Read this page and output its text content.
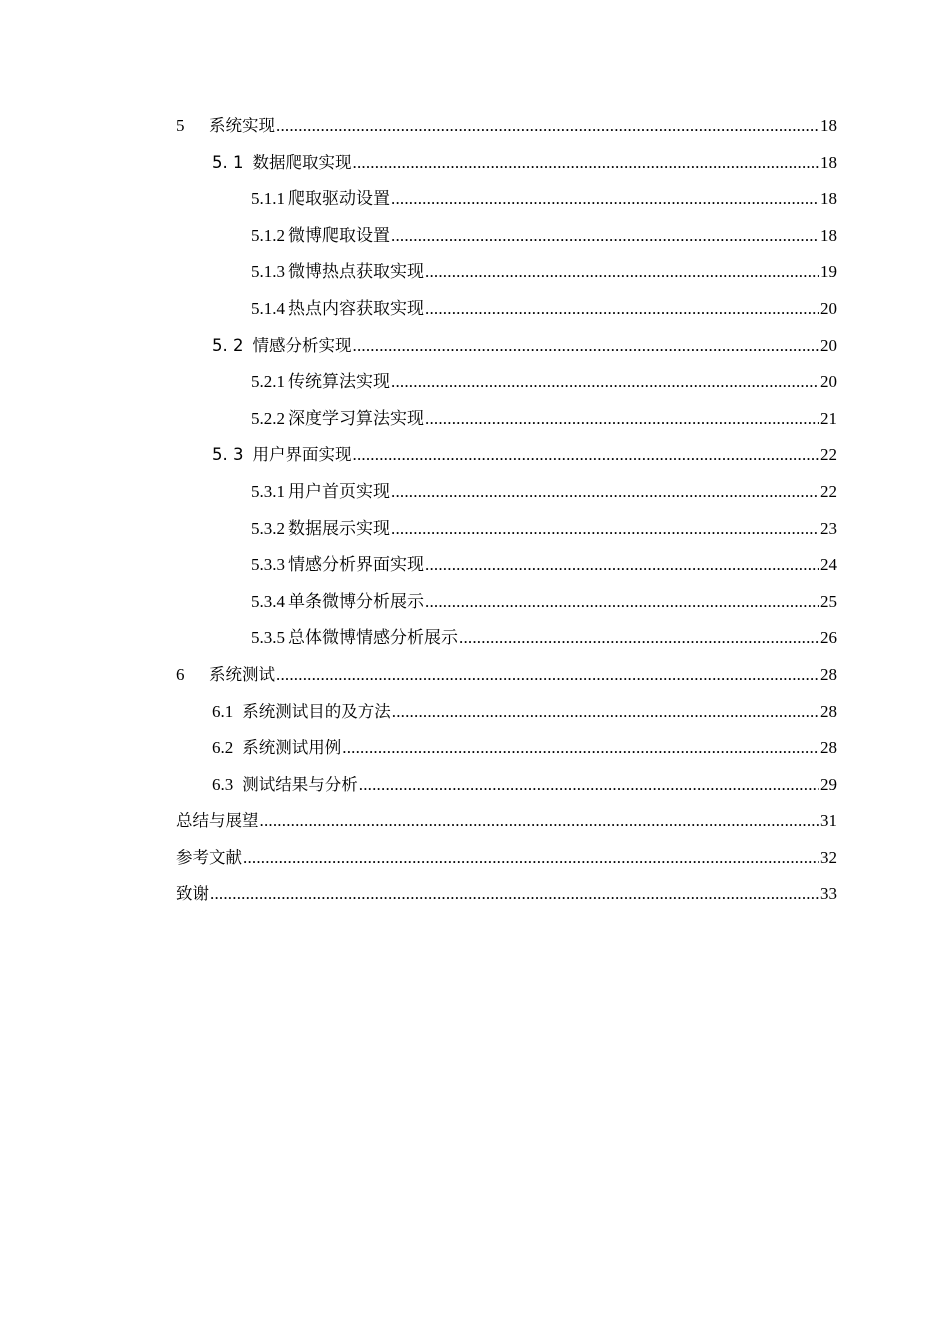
5	系统实现 .....	18
5. 1 数据爬取实现 .....	18
5.1.1 爬取驱动设置 .....	18
5.1.2 微博爬取设置 .....	18
5.1.3 微博热点获取实现 .....	19
5.1.4 热点内容获取实现 .....	20
5. 2 情感分析实现 .....	20
5.2.1 传统算法实现 .....	20
5.2.2 深度学习算法实现 .....	21
5. 3 用户界面实现 .....	22
5.3.1 用户首页实现 .....	22
5.3.2 数据展示实现 .....	23
5.3.3 情感分析界面实现 .....	24
5.3.4 单条微博分析展示 .....	25
5.3.5 总体微博情感分析展示 .....	26
6	系统测试 .....	28
6.1 系统测试目的及方法 .....	28
6.2 系统测试用例 .....	28
6.3 测试结果与分析 .....	29
总结与展望 .....	31
参考文献 .....	32
致谢 .....	33
